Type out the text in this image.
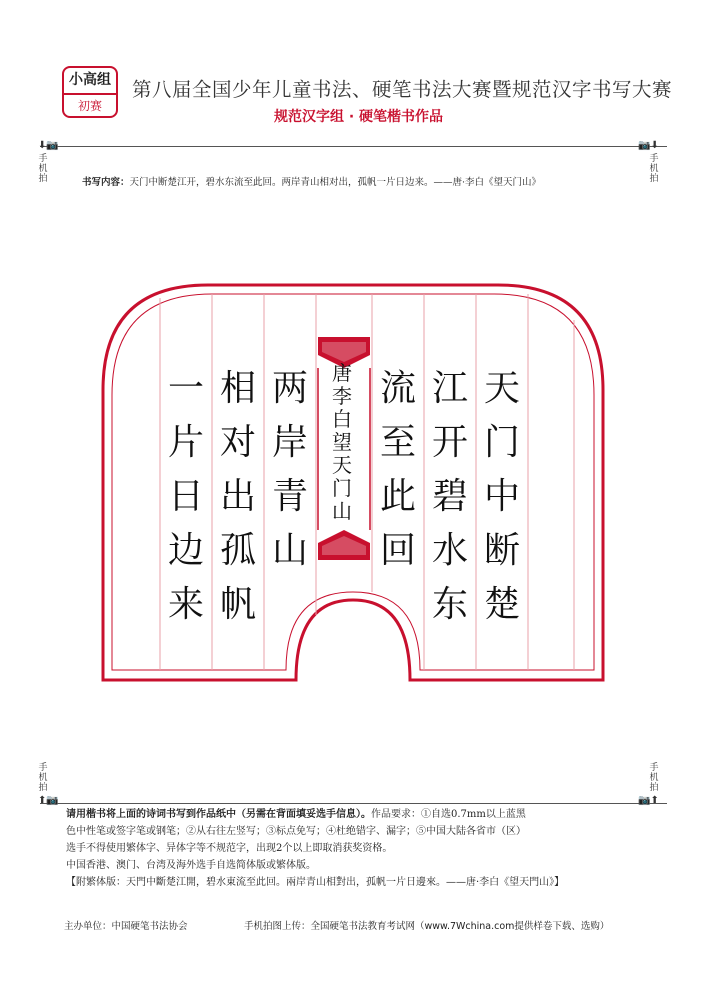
小高组
初赛
第八届全国少年儿童书法、硬笔书法大赛暨规范汉字书写大赛
规范汉字组 · 硬笔楷书作品
⬇📷
手机拍
📷⬇
手机拍
手机拍
⬆📷
手机拍
📷⬆
书写内容：天门中断楚江开，碧水东流至此回。两岸青山相对出，孤帆一片日边来。——唐·李白《望天门山》
天
门
中
断
楚
江
开
碧
水
东
流
至
此
回
两
岸
青
山
相
对
出
孤
帆
一
片
日
边
来
唐
李
白
望
天
门
山
请用楷书将上面的诗词书写到作品纸中（另需在背面填妥选手信息）。作品要求：①自选0.7mm以上蓝黑
色中性笔或签字笔或钢笔；②从右往左竖写；③标点免写；④杜绝错字、漏字；⑤中国大陆各省市（区）
选手不得使用繁体字、异体字等不规范字，出现2个以上即取消获奖资格。
中国香港、澳门、台湾及海外选手自选简体版或繁体版。
【附繁体版：天門中斷楚江開，碧水東流至此回。兩岸青山相對出，孤帆一片日邊來。——唐·李白《望天門山》】
主办单位：中国硬笔书法协会	手机拍图上传：全国硬笔书法教育考试网（www.7Wchina.com提供样卷下载、选购）
